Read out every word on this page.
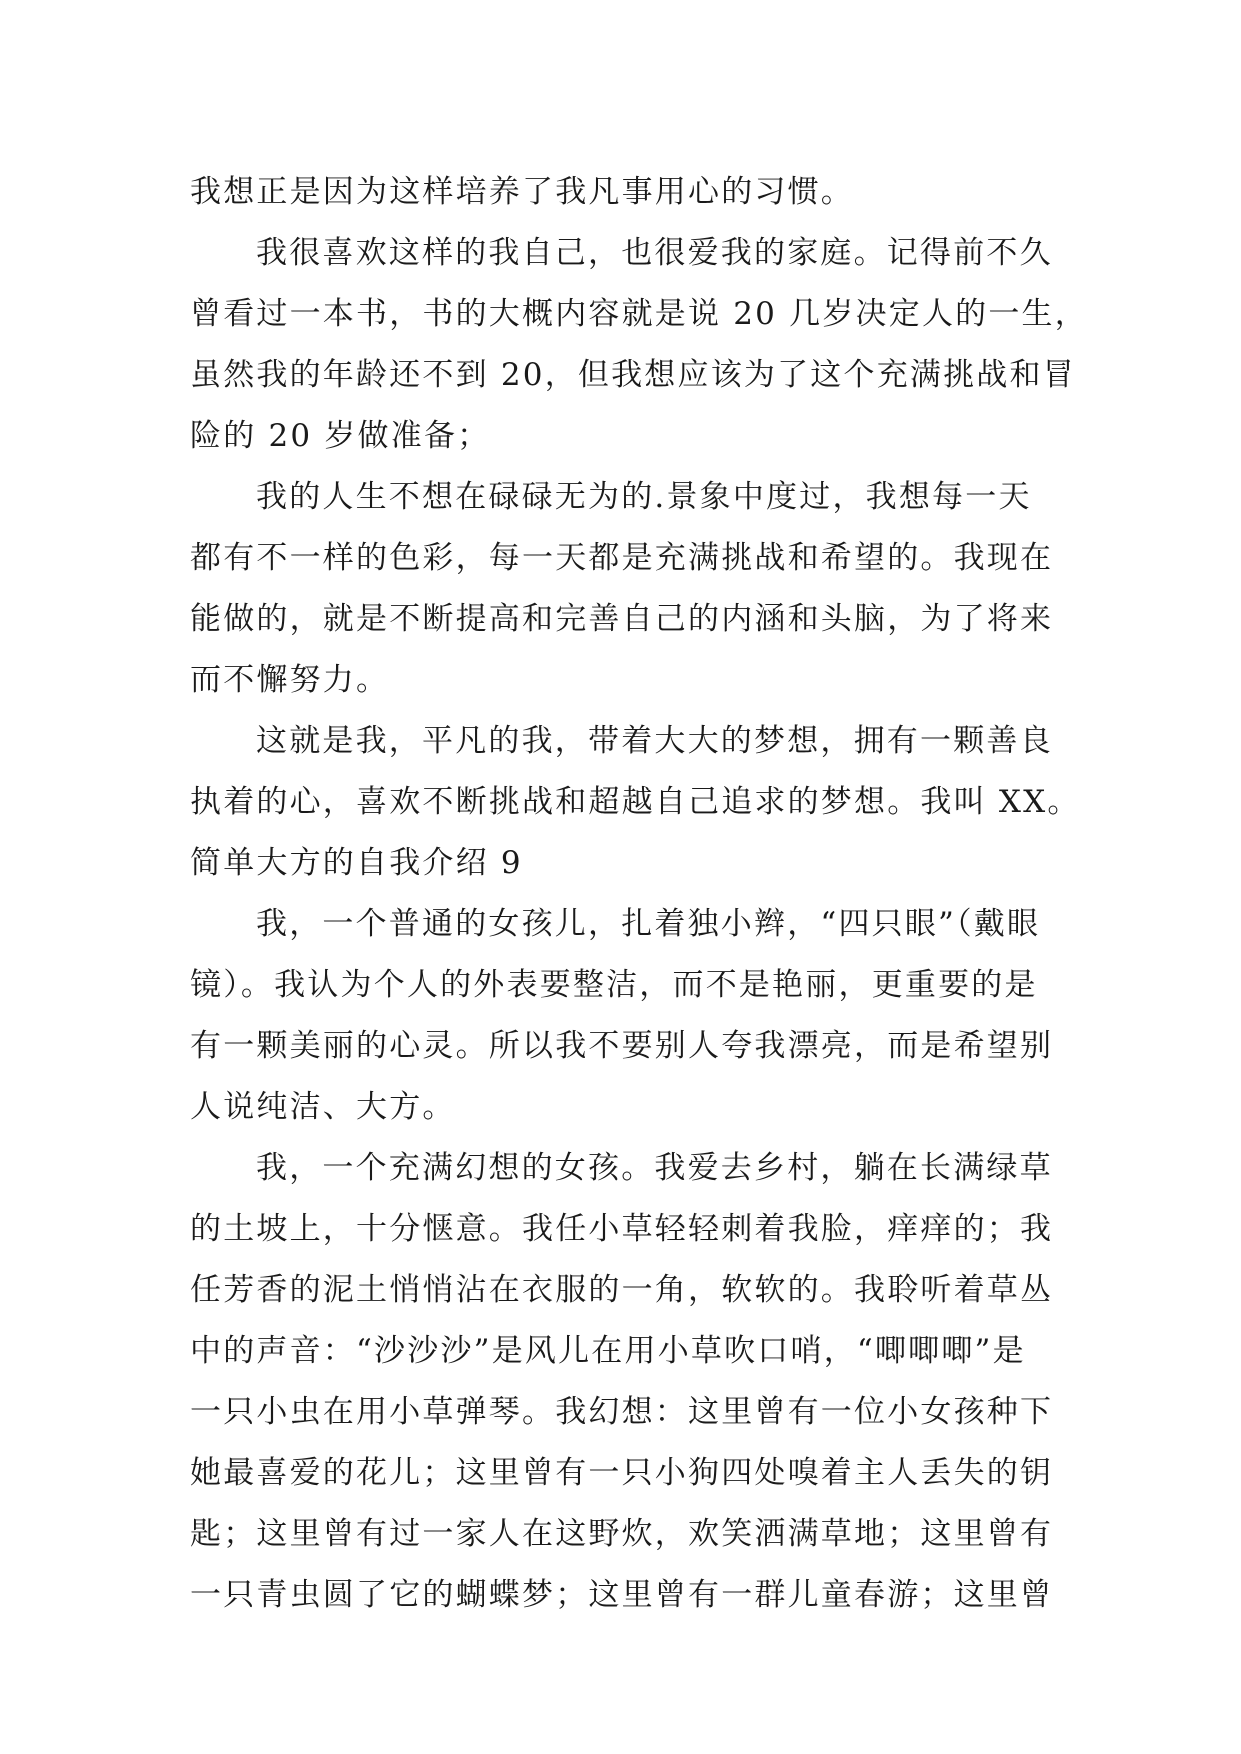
我想正是因为这样培养了我凡事用心的习惯。
我很喜欢这样的我自己，也很爱我的家庭。记得前不久
曾看过一本书，书的大概内容就是说 20 几岁决定人的一生，
虽然我的年龄还不到 20，但我想应该为了这个充满挑战和冒
险的 20 岁做准备；
我的人生不想在碌碌无为的.景象中度过，我想每一天
都有不一样的色彩，每一天都是充满挑战和希望的。我现在
能做的，就是不断提高和完善自己的内涵和头脑，为了将来
而不懈努力。
这就是我，平凡的我，带着大大的梦想，拥有一颗善良
执着的心，喜欢不断挑战和超越自己追求的梦想。我叫 XX。
简单大方的自我介绍 9
我，一个普通的女孩儿，扎着独小辫，“四只眼”（戴眼
镜）。我认为个人的外表要整洁，而不是艳丽，更重要的是
有一颗美丽的心灵。所以我不要别人夸我漂亮，而是希望别
人说纯洁、大方。
我，一个充满幻想的女孩。我爱去乡村，躺在长满绿草
的土坡上，十分惬意。我任小草轻轻刺着我脸，痒痒的；我
任芳香的泥土悄悄沾在衣服的一角，软软的。我聆听着草丛
中的声音：“沙沙沙”是风儿在用小草吹口哨，“唧唧唧”是
一只小虫在用小草弹琴。我幻想：这里曾有一位小女孩种下
她最喜爱的花儿；这里曾有一只小狗四处嗅着主人丢失的钥
匙；这里曾有过一家人在这野炊，欢笑洒满草地；这里曾有
一只青虫圆了它的蝴蝶梦；这里曾有一群儿童春游；这里曾
